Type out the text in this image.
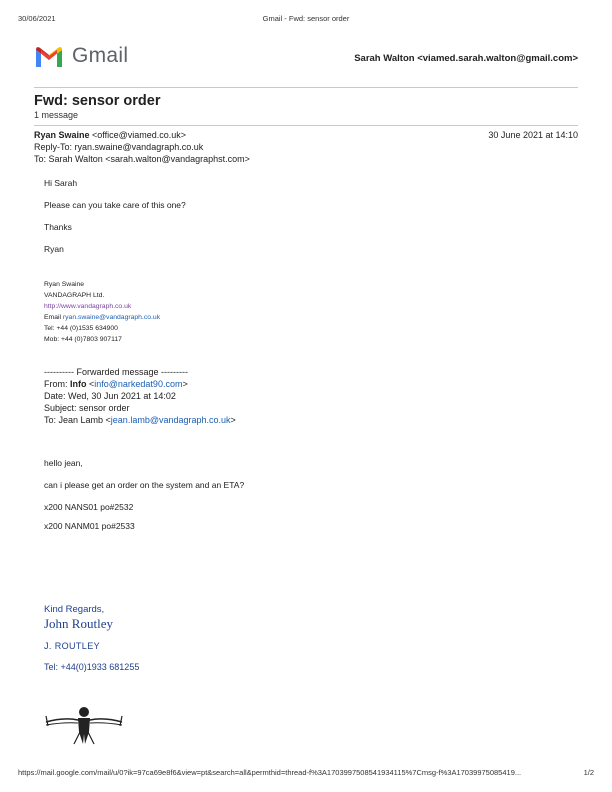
30/06/2021	Gmail - Fwd: sensor order
Gmail	Sarah Walton <viamed.sarah.walton@gmail.com>
Fwd: sensor order
1 message
Ryan Swaine <office@viamed.co.uk>	30 June 2021 at 14:10
Reply-To: ryan.swaine@vandagraph.co.uk
To: Sarah Walton <sarah.walton@vandagraphst.com>
Hi Sarah
Please can you take care of this one?
Thanks
Ryan
Ryan Swaine
VANDAGRAPH Ltd.
http://www.vandagraph.co.uk
Email ryan.swaine@vandagraph.co.uk
Tel: +44 (0)1535 634900
Mob: +44 (0)7803 907117
---------- Forwarded message ---------
From: Info <info@narkedat90.com>
Date: Wed, 30 Jun 2021 at 14:02
Subject: sensor order
To: Jean Lamb <jean.lamb@vandagraph.co.uk>
hello jean,
can i please get an order on the system and an ETA?
x200 NANS01 po#2532
x200 NANM01 po#2533
Kind Regards,
John Routley
J. ROUTLEY
Tel: +44(0)1933 681255
https://mail.google.com/mail/u/0?ik=97ca69e8f6&view=pt&search=all&permthid=thread-f%3A1703997508541934115%7Cmsg-f%3A17039975085419...	1/2
